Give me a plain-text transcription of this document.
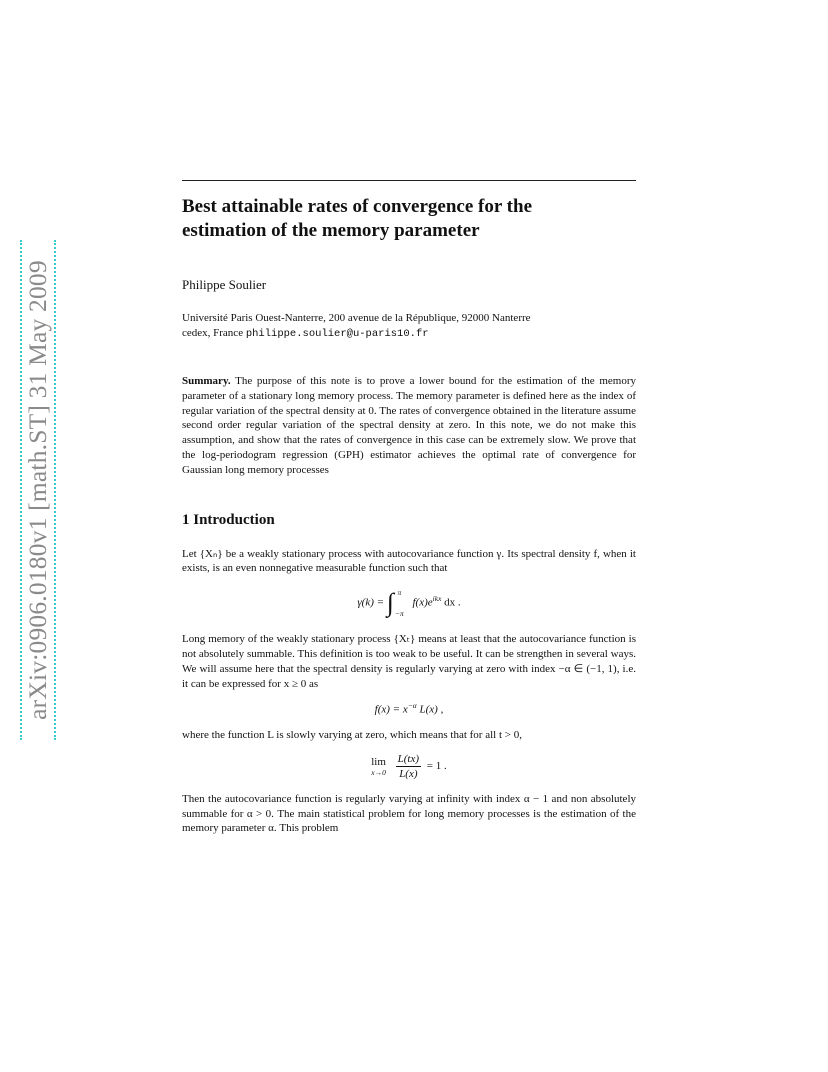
arXiv:0906.0180v1 [math.ST] 31 May 2009
Best attainable rates of convergence for the
estimation of the memory parameter
Philippe Soulier
Université Paris Ouest-Nanterre, 200 avenue de la République, 92000 Nanterre
cedex, France philippe.soulier@u-paris10.fr
Summary. The purpose of this note is to prove a lower bound for the estimation of the memory parameter of a stationary long memory process. The memory parameter is defined here as the index of regular variation of the spectral density at 0. The rates of convergence obtained in the literature assume second order regular variation of the spectral density at zero. In this note, we do not make this assumption, and show that the rates of convergence in this case can be extremely slow. We prove that the log-periodogram regression (GPH) estimator achieves the optimal rate of convergence for Gaussian long memory processes
1 Introduction

Let {Xₙ} be a weakly stationary process with autocovariance function γ. Its spectral density f, when it exists, is an even nonnegative measurable function such that

γ(k) = ∫ π
−π
$f(x)e^{ikx}$ dx .

Long memory of the weakly stationary process {Xₜ} means at least that the autocovariance function is not absolutely summable. This definition is too weak to be useful. It can be strengthen in several ways. We will assume here that the spectral density is regularly varying at zero with index −α ∈ (−1, 1), i.e. it can be expressed for x ≥ 0 as

$f(x) = x^{-\alpha}$ L(x) ,

where the function L is slowly varying at zero, which means that for all t > 0,

lim
x→0
$\frac{L(tx)}{L(x)} = 1$ .

Then the autocovariance function is regularly varying at infinity with index α − 1 and non absolutely summable for α > 0. The main statistical problem for long memory processes is the estimation of the memory parameter α. This problem
